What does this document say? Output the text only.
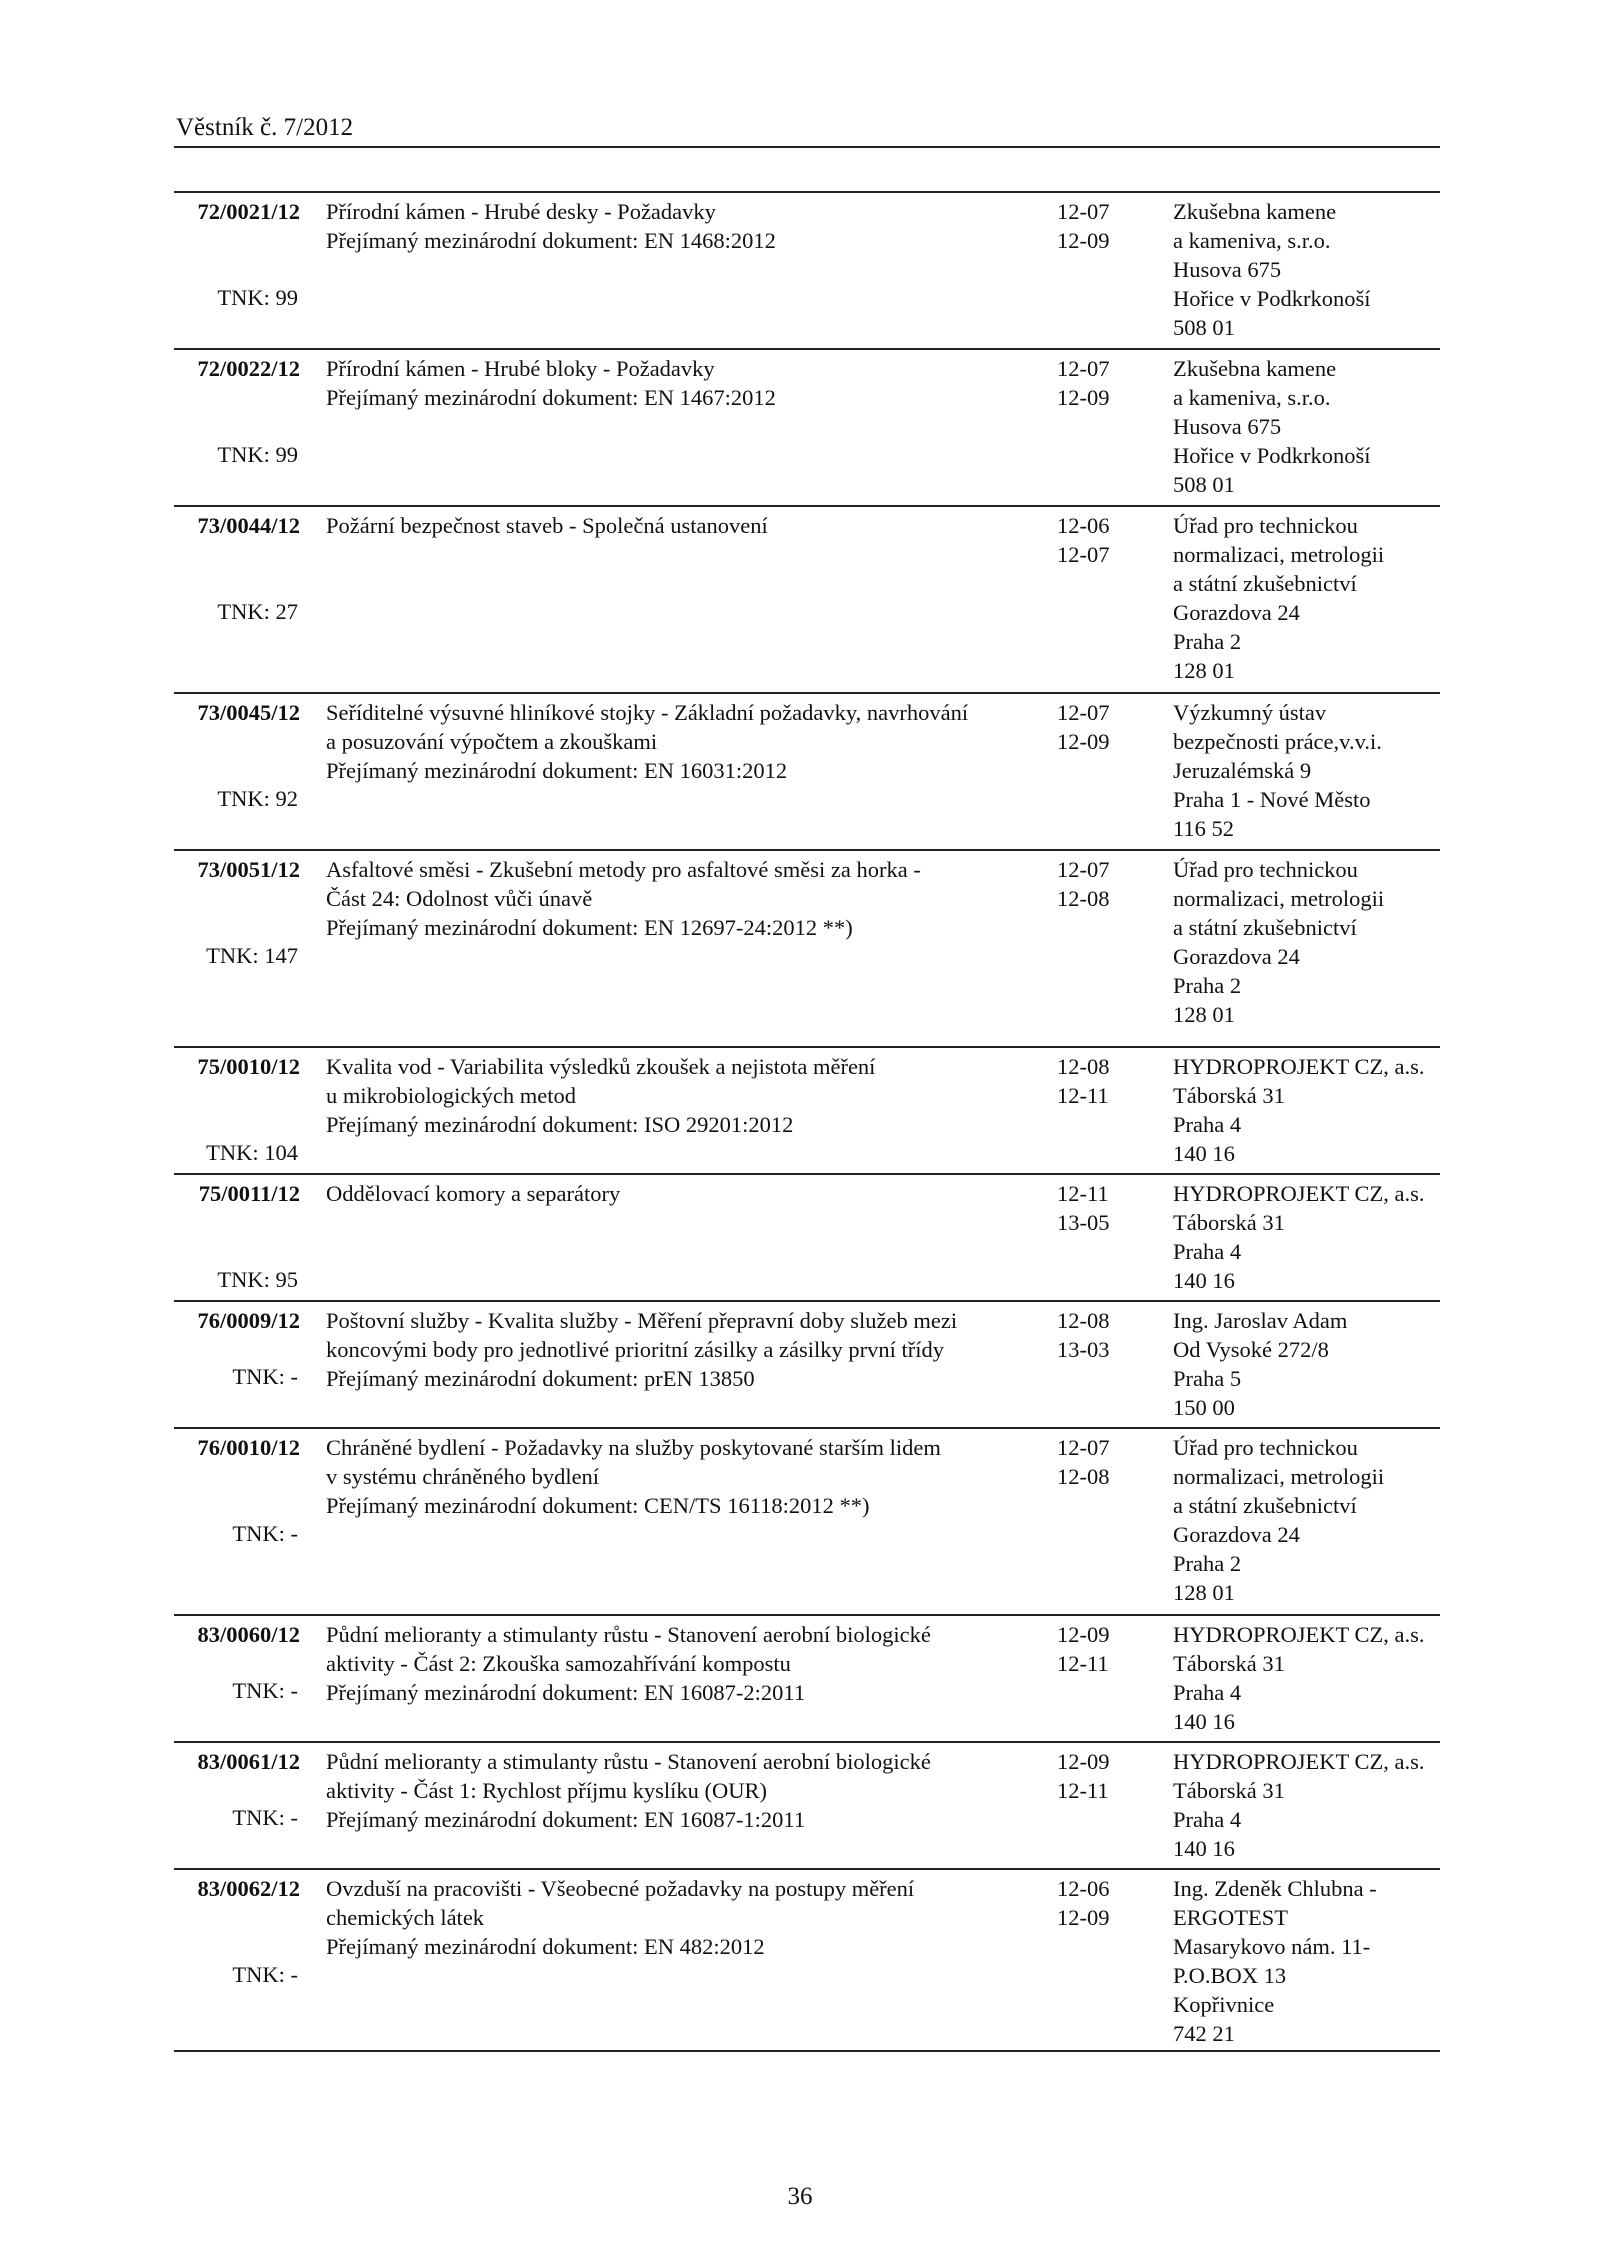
Věstník č. 7/2012
72/0021/12
TNK: 99
Přírodní kámen - Hrubé desky - Požadavky
Přejímaný mezinárodní dokument: EN 1468:2012
12-07
12-09
Zkušebna kamene
a kameniva, s.r.o.
Husova 675
Hořice v Podkrkonoší
508 01
72/0022/12
TNK: 99
Přírodní kámen - Hrubé bloky - Požadavky
Přejímaný mezinárodní dokument: EN 1467:2012
12-07
12-09
Zkušebna kamene
a kameniva, s.r.o.
Husova 675
Hořice v Podkrkonoší
508 01
73/0044/12
TNK: 27
Požární bezpečnost staveb - Společná ustanovení	12-06
12-07
Úřad pro technickou
normalizaci, metrologii
a státní zkušebnictví
Gorazdova 24
Praha 2
128 01
73/0045/12
TNK: 92
Seříditelné výsuvné hliníkové stojky - Základní požadavky, navrhování
a posuzování výpočtem a zkouškami
Přejímaný mezinárodní dokument: EN 16031:2012
12-07
12-09
Výzkumný ústav
bezpečnosti práce,v.v.i.
Jeruzalémská 9
Praha 1 - Nové Město
116 52
73/0051/12
TNK: 147
Asfaltové směsi - Zkušební metody pro asfaltové směsi za horka -
Část 24: Odolnost vůči únavě
Přejímaný mezinárodní dokument: EN 12697-24:2012 **)
12-07
12-08
Úřad pro technickou
normalizaci, metrologii
a státní zkušebnictví
Gorazdova 24
Praha 2
128 01
75/0010/12
TNK: 104
Kvalita vod - Variabilita výsledků zkoušek a nejistota měření
u mikrobiologických metod
Přejímaný mezinárodní dokument: ISO 29201:2012
12-08
12-11
HYDROPROJEKT CZ, a.s.
Táborská 31
Praha 4
140 16
75/0011/12
TNK: 95
Oddělovací komory a separátory	12-11
13-05
HYDROPROJEKT CZ, a.s.
Táborská 31
Praha 4
140 16
76/0009/12
TNK: -
Poštovní služby - Kvalita služby - Měření přepravní doby služeb mezi
koncovými body pro jednotlivé prioritní zásilky a zásilky první třídy
Přejímaný mezinárodní dokument: prEN 13850
12-08
13-03
Ing. Jaroslav Adam
Od Vysoké 272/8
Praha 5
150 00
76/0010/12
TNK: -
Chráněné bydlení - Požadavky na služby poskytované starším lidem
v systému chráněného bydlení
Přejímaný mezinárodní dokument: CEN/TS 16118:2012 **)
12-07
12-08
Úřad pro technickou
normalizaci, metrologii
a státní zkušebnictví
Gorazdova 24
Praha 2
128 01
83/0060/12
TNK: -
Půdní melioranty a stimulanty růstu - Stanovení aerobní biologické
aktivity - Část 2: Zkouška samozahřívání kompostu
Přejímaný mezinárodní dokument: EN 16087-2:2011
12-09
12-11
HYDROPROJEKT CZ, a.s.
Táborská 31
Praha 4
140 16
83/0061/12
TNK: -
Půdní melioranty a stimulanty růstu - Stanovení aerobní biologické
aktivity - Část 1: Rychlost příjmu kyslíku (OUR)
Přejímaný mezinárodní dokument: EN 16087-1:2011
12-09
12-11
HYDROPROJEKT CZ, a.s.
Táborská 31
Praha 4
140 16
83/0062/12
TNK: -
Ovzduší na pracovišti - Všeobecné požadavky na postupy měření
chemických látek
Přejímaný mezinárodní dokument: EN 482:2012
12-06
12-09
Ing. Zdeněk Chlubna -
ERGOTEST
Masarykovo nám. 11-
P.O.BOX 13
Kopřivnice
742 21
36
